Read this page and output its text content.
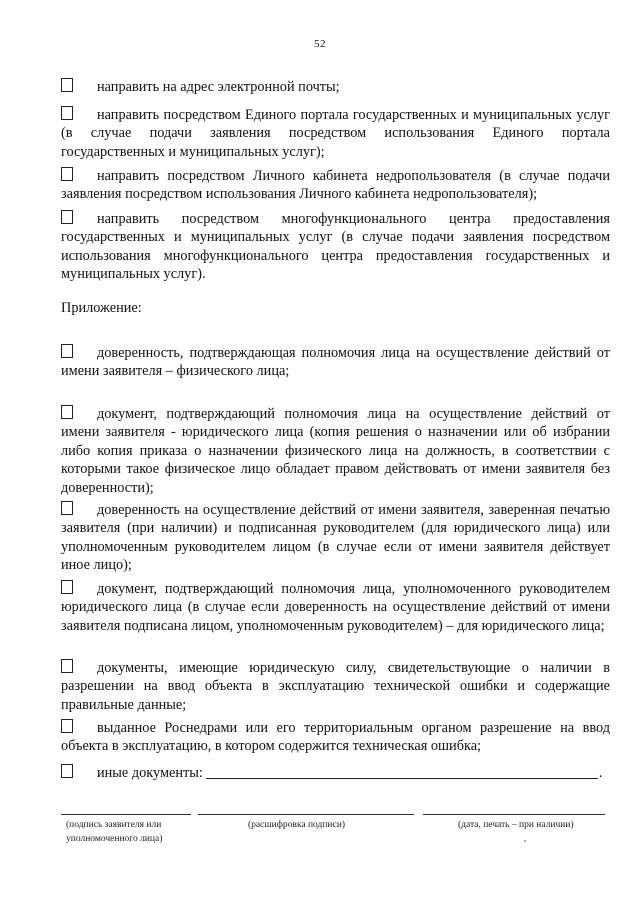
52
направить на адрес электронной почты;
направить посредством Единого портала государственных и муниципальных услуг (в случае подачи заявления посредством использования Единого портала государственных и муниципальных услуг);
направить посредством Личного кабинета недропользователя (в случае подачи заявления посредством использования Личного кабинета недропользователя);
направить посредством многофункционального центра предоставления государственных и муниципальных услуг (в случае подачи заявления посредством использования многофункционального центра предоставления государственных и муниципальных услуг).
Приложение:
доверенность, подтверждающая полномочия лица на осуществление действий от имени заявителя – физического лица;
документ, подтверждающий полномочия лица на осуществление действий от имени заявителя - юридического лица (копия решения о назначении или об избрании либо копия приказа о назначении физического лица на должность, в соответствии с которыми такое физическое лицо обладает правом действовать от имени заявителя без доверенности);
доверенность на осуществление действий от имени заявителя, заверенная печатью заявителя (при наличии) и подписанная руководителем (для юридического лица) или уполномоченным руководителем лицом (в случае если от имени заявителя действует иное лицо);
документ, подтверждающий полномочия лица, уполномоченного руководителем юридического лица (в случае если доверенность на осуществление действий от имени заявителя подписана лицом, уполномоченным руководителем) – для юридического лица;
документы, имеющие юридическую силу, свидетельствующие о наличии в разрешении на ввод объекта в эксплуатацию технической ошибки и содержащие правильные данные;
выданное Роснедрами или его территориальным органом разрешение на ввод объекта в эксплуатацию, в котором содержится техническая ошибка;
иные документы:	.
(подпись заявителя или
уполномоченного лица)
(расшифровка подписи)	(дата, печать – при наличии)
